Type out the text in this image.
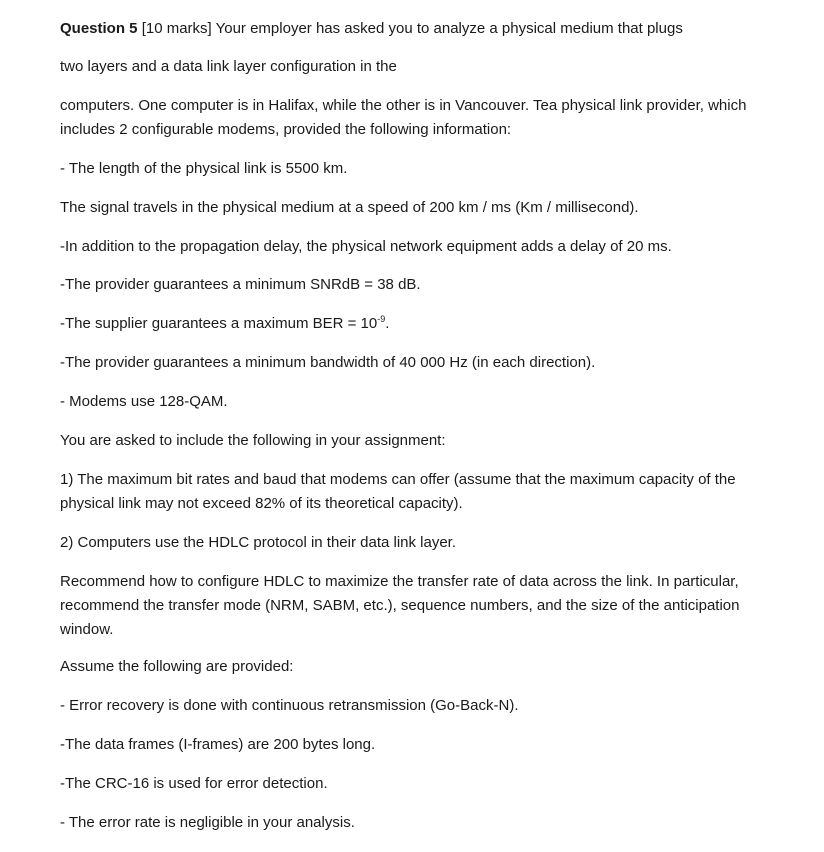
Question 5 [10 marks] Your employer has asked you to analyze a physical medium that plugs

two layers and a data link layer configuration in the

computers. One computer is in Halifax, while the other is in Vancouver. Tea physical link provider, which includes 2 configurable modems, provided the following information:

- The length of the physical link is 5500 km.

The signal travels in the physical medium at a speed of 200 km / ms (Km / millisecond).

-In addition to the propagation delay, the physical network equipment adds a delay of 20 ms.

-The provider guarantees a minimum SNRdB = 38 dB.

-The supplier guarantees a maximum BER = $10^{-9}$.

-The provider guarantees a minimum bandwidth of 40 000 Hz (in each direction).

- Modems use 128-QAM.

You are asked to include the following in your assignment:

1) The maximum bit rates and baud that modems can offer (assume that the maximum capacity of the physical link may not exceed 82% of its theoretical capacity).

2) Computers use the HDLC protocol in their data link layer.

Recommend how to configure HDLC to maximize the transfer rate of data across the link. In particular, recommend the transfer mode (NRM, SABM, etc.), sequence numbers, and the size of the anticipation window.

Assume the following are provided:

- Error recovery is done with continuous retransmission (Go-Back-N).

-The data frames (I-frames) are 200 bytes long.

-The CRC-16 is used for error detection.

- The error rate is negligible in your analysis.
